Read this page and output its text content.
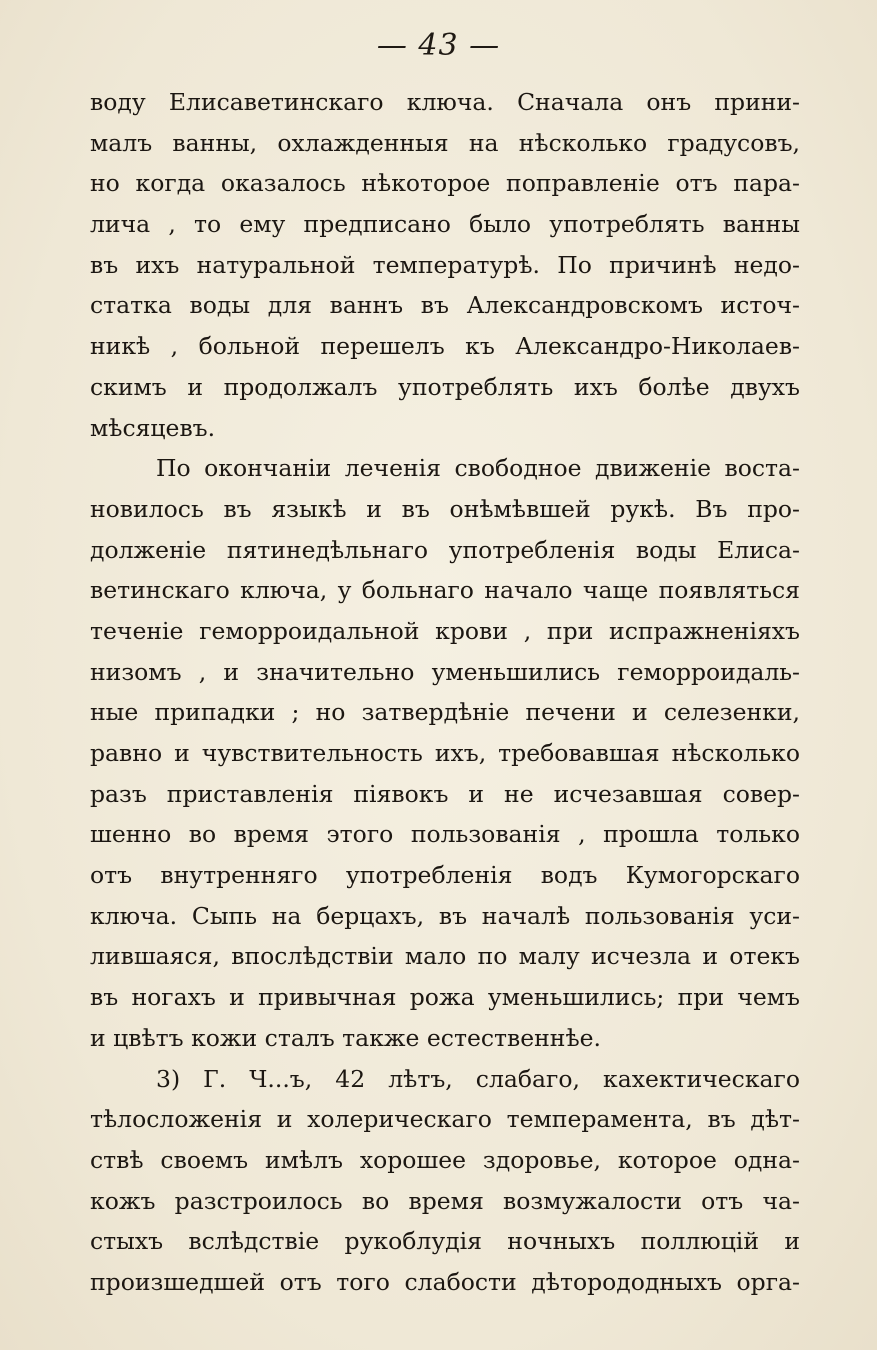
— 43 —
воду Елисаветинскаго ключа. Сначала онъ прини-
малъ ванны, охлажденныя на нѣсколько градусовъ,
но когда оказалось нѣкоторое поправленіе отъ пара-
лича , то ему предписано было употреблять ванны
въ ихъ натуральной температурѣ. По причинѣ недо-
статка воды для ваннъ въ Александровскомъ источ-
никѣ , больной перешелъ къ Александро-Николаев-
скимъ и продолжалъ употреблять ихъ болѣе двухъ
мѣсяцевъ.
По окончаніи леченія свободное движеніе воста-
новилось въ языкѣ и въ онѣмѣвшей рукѣ. Въ про-
долженіе пятинедѣльнаго употребленія воды Елиса-
ветинскаго ключа, у больнаго начало чаще появляться
теченіе геморроидальной крови , при испражненіяхъ
низомъ , и значительно уменьшились геморроидаль-
ные припадки ; но затвердѣніе печени и селезенки,
равно и чувствительность ихъ, требовавшая нѣсколько
разъ приставленія піявокъ и не исчезавшая совер-
шенно во время этого пользованія , прошла только
отъ внутренняго употребленія водъ Кумогорскаго
ключа. Сыпь на берцахъ, въ началѣ пользованія уси-
лившаяся, впослѣдствіи мало по малу исчезла и отекъ
въ ногахъ и привычная рожа уменьшились; при чемъ
и цвѣтъ кожи сталъ также естественнѣе.
3) Г. Ч...ъ, 42 лѣтъ, слабаго, кахектическаго
тѣлосложенія и холерическаго темперамента, въ дѣт-
ствѣ своемъ имѣлъ хорошее здоровье, которое одна-
кожъ разстроилось во время возмужалости отъ ча-
стыхъ вслѣдствіе рукоблудія ночныхъ поллюцій и
произшедшей отъ того слабости дѣторододныхъ орга-
